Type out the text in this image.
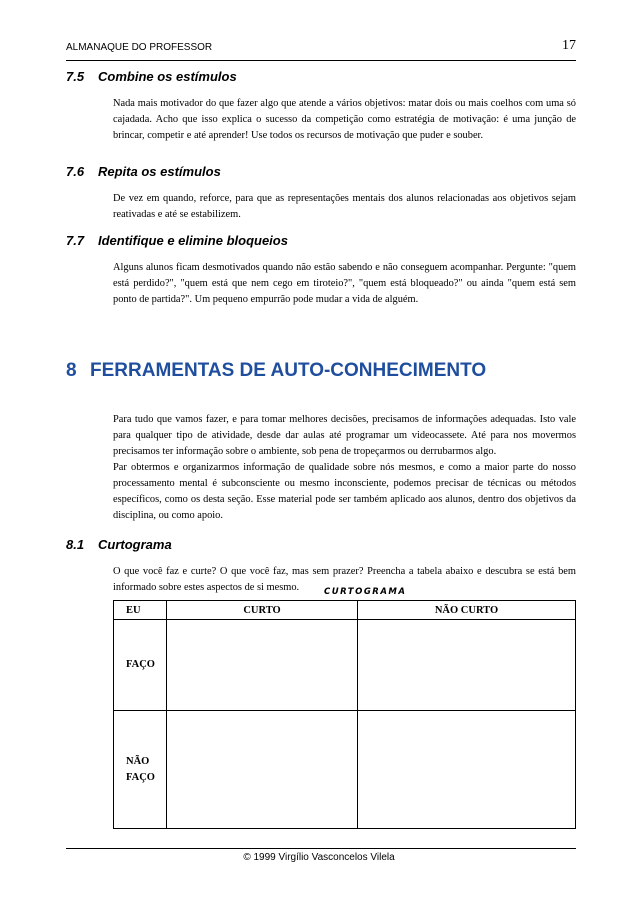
ALMANAQUE DO PROFESSOR	17
7.5 Combine os estímulos

Nada mais motivador do que fazer algo que atende a vários objetivos: matar dois ou mais coelhos com uma só cajadada. Acho que isso explica o sucesso da competição como estratégia de motivação: é uma junção de brincar, competir e até aprender! Use todos os recursos de motivação que puder e souber.

7.6 Repita os estímulos

De vez em quando, reforce, para que as representações mentais dos alunos relacionadas aos objetivos sejam reativadas e até se estabilizem.

7.7 Identifique e elimine bloqueios

Alguns alunos ficam desmotivados quando não estão sabendo e não conseguem acompanhar. Pergunte: "quem está perdido?", "quem está que nem cego em tiroteio?", "quem está bloqueado?" ou ainda "quem está sem ponto de partida?". Um pequeno empurrão pode mudar a vida de alguém.

8 FERRAMENTAS DE AUTO-CONHECIMENTO

Para tudo que vamos fazer, e para tomar melhores decisões, precisamos de informações adequadas. Isto vale para qualquer tipo de atividade, desde dar aulas até programar um videocassete. Até para nos movermos precisamos ter informação sobre o ambiente, sob pena de tropeçarmos ou derrubarmos algo.

Par obtermos e organizarmos informação de qualidade sobre nós mesmos, e como a maior parte do nosso processamento mental é subconsciente ou mesmo inconsciente, podemos precisar de técnicas ou métodos específicos, como os desta seção. Esse material pode ser também aplicado aos alunos, dentro dos objetivos da disciplina, ou como apoio.

8.1 Curtograma

O que você faz e curte? O que você faz, mas sem prazer? Preencha a tabela abaixo e descubra se está bem informado sobre estes aspectos de si mesmo.	CURTOGRAMA
EU	CURTO	NÃO CURTO
FAÇO		
NÃO
FAÇO		
© 1999 Virgílio Vasconcelos Vilela
